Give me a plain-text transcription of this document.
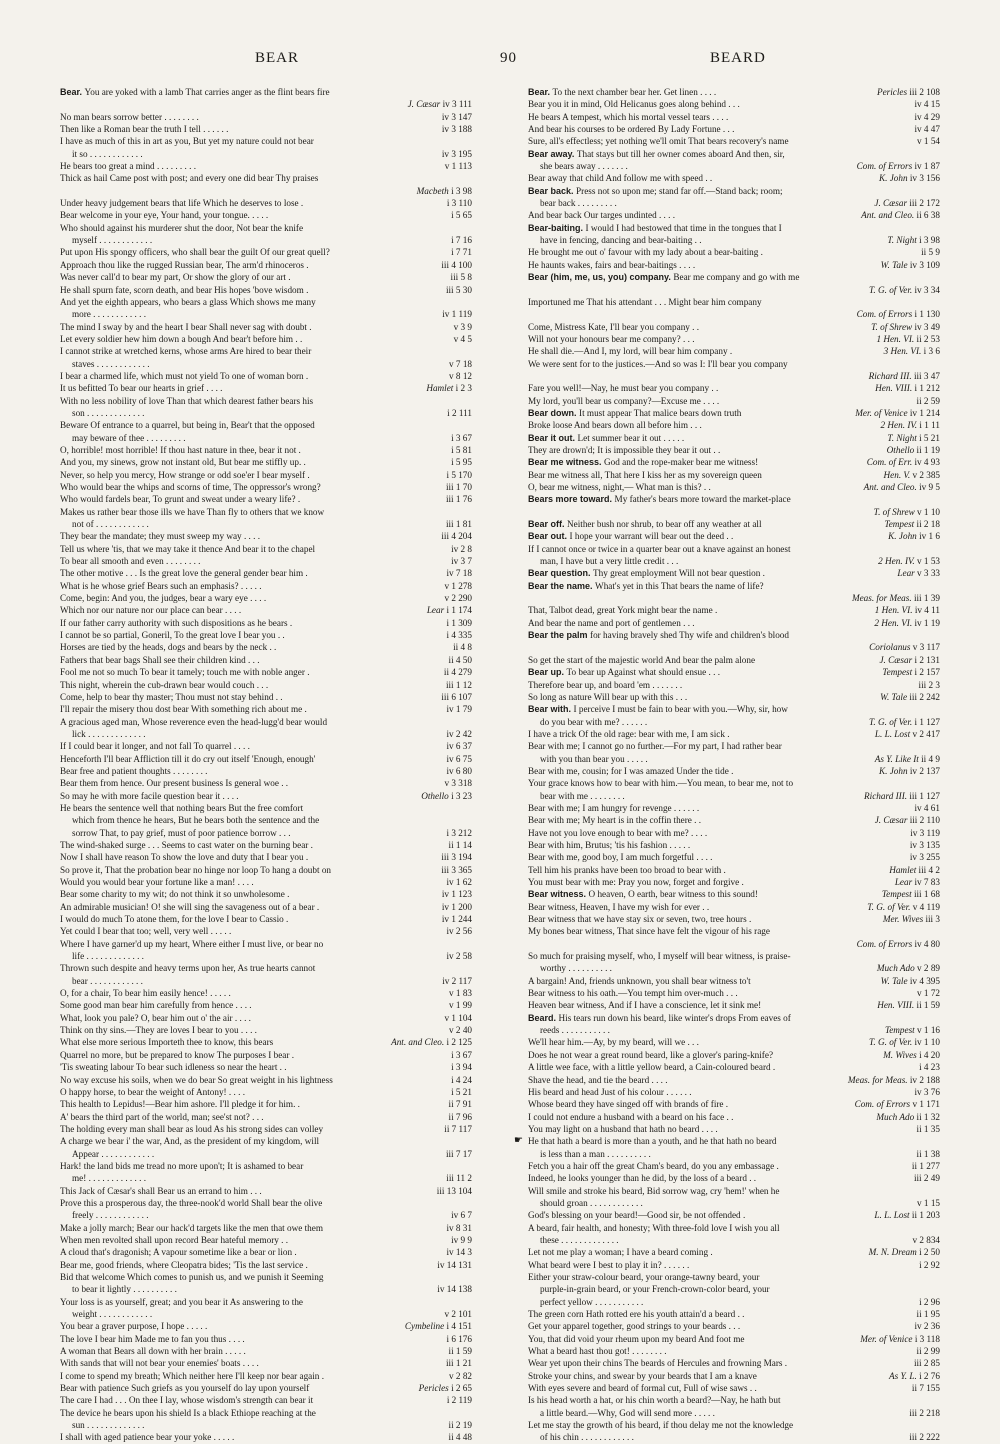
BEAR	90	BEARD
Bear. You are yoked with a lamb That carries anger as the flint bears fire
J. Cæsar iv 3 111
No man bears sorrow better . . . . . . . .	iv 3 147
Then like a Roman bear the truth I tell . . . . . .	iv 3 188
I have as much of this in art as you, But yet my nature could not bear
it so . . . . . . . . . . . .	iv 3 195
He bears too great a mind . . . . . . . . .	v 1 113
Thick as hail Came post with post; and every one did bear Thy praises
Macbeth i 3 98
Under heavy judgement bears that life Which he deserves to lose .	i 3 110
Bear welcome in your eye, Your hand, your tongue. . . . .	i 5 65
Who should against his murderer shut the door, Not bear the knife
myself . . . . . . . . . . . .	i 7 16
Put upon His spongy officers, who shall bear the guilt Of our great quell?	i 7 71
Approach thou like the rugged Russian bear, The arm'd rhinoceros .	iii 4 100
Was never call'd to bear my part, Or show the glory of our art .	iii 5 8
He shall spurn fate, scorn death, and bear His hopes 'bove wisdom .	iii 5 30
And yet the eighth appears, who bears a glass Which shows me many
more . . . . . . . . . . . .	iv 1 119
The mind I sway by and the heart I bear Shall never sag with doubt .	v 3 9
Let every soldier hew him down a bough And bear't before him . .	v 4 5
I cannot strike at wretched kerns, whose arms Are hired to bear their
staves . . . . . . . . . . . .	v 7 18
I bear a charmed life, which must not yield To one of woman born .	v 8 12
It us befitted To bear our hearts in grief . . . .	Hamlet i 2 3
With no less nobility of love Than that which dearest father bears his
son . . . . . . . . . . . . .	i 2 111
Beware Of entrance to a quarrel, but being in, Bear't that the opposed
may beware of thee . . . . . . . . .	i 3 67
O, horrible! most horrible! If thou hast nature in thee, bear it not .	i 5 81
And you, my sinews, grow not instant old, But bear me stiffly up. .	i 5 95
Never, so help you mercy, How strange or odd soe'er I bear myself .	i 5 170
Who would bear the whips and scorns of time, The oppressor's wrong?	iii 1 70
Who would fardels bear, To grunt and sweat under a weary life? .	iii 1 76
Makes us rather bear those ills we have Than fly to others that we know
not of . . . . . . . . . . . .	iii 1 81
They bear the mandate; they must sweep my way . . . .	iii 4 204
Tell us where 'tis, that we may take it thence And bear it to the chapel	iv 2 8
To bear all smooth and even . . . . . . . .	iv 3 7
The other motive . . . Is the great love the general gender bear him .	iv 7 18
What is he whose grief Bears such an emphasis? . . . . .	v 1 278
Come, begin: And you, the judges, bear a wary eye . . . .	v 2 290
Which nor our nature nor our place can bear . . . .	Lear i 1 174
If our father carry authority with such dispositions as he bears .	i 1 309
I cannot be so partial, Goneril, To the great love I bear you . .	i 4 335
Horses are tied by the heads, dogs and bears by the neck . .	ii 4 8
Fathers that bear bags Shall see their children kind . . .	ii 4 50
Fool me not so much To bear it tamely; touch me with noble anger .	ii 4 279
This night, wherein the cub-drawn bear would couch . . .	iii 1 12
Come, help to bear thy master; Thou must not stay behind . .	iii 6 107
I'll repair the misery thou dost bear With something rich about me .	iv 1 79
A gracious aged man, Whose reverence even the head-lugg'd bear would
lick . . . . . . . . . . . . .	iv 2 42
If I could bear it longer, and not fall To quarrel . . . .	iv 6 37
Henceforth I'll bear Affliction till it do cry out itself 'Enough, enough'	iv 6 75
Bear free and patient thoughts . . . . . . . .	iv 6 80
Bear them from hence. Our present business Is general woe . .	v 3 318
So may he with more facile question bear it . . . .	Othello i 3 23
He bears the sentence well that nothing bears But the free comfort
which from thence he hears, But he bears both the sentence and the
sorrow That, to pay grief, must of poor patience borrow . . .	i 3 212
The wind-shaked surge . . . Seems to cast water on the burning bear .	ii 1 14
Now I shall have reason To show the love and duty that I bear you .	iii 3 194
So prove it, That the probation bear no hinge nor loop To hang a doubt on	iii 3 365
Would you would bear your fortune like a man! . . . .	iv 1 62
Bear some charity to my wit; do not think it so unwholesome .	iv 1 123
An admirable musician! O! she will sing the savageness out of a bear .	iv 1 200
I would do much To atone them, for the love I bear to Cassio .	iv 1 244
Yet could I bear that too; well, very well . . . . .	iv 2 56
Where I have garner'd up my heart, Where either I must live, or bear no
life . . . . . . . . . . . . .	iv 2 58
Thrown such despite and heavy terms upon her, As true hearts cannot
bear . . . . . . . . . . . .	iv 2 117
O, for a chair, To bear him easily hence! . . . . .	v 1 83
Some good man bear him carefully from hence . . . .	v 1 99
What, look you pale? O, bear him out o' the air . . . .	v 1 104
Think on thy sins.—They are loves I bear to you . . . .	v 2 40
What else more serious Importeth thee to know, this bears	Ant. and Cleo. i 2 125
Quarrel no more, but be prepared to know The purposes I bear .	i 3 67
'Tis sweating labour To bear such idleness so near the heart . .	i 3 94
No way excuse his soils, when we do bear So great weight in his lightness	i 4 24
O happy horse, to bear the weight of Antony! . . . .	i 5 21
This health to Lepidus!—Bear him ashore. I'll pledge it for him. .	ii 7 91
A' bears the third part of the world, man; see'st not? . . .	ii 7 96
The holding every man shall bear as loud As his strong sides can volley	ii 7 117
A charge we bear i' the war, And, as the president of my kingdom, will
Appear . . . . . . . . . . . .	iii 7 17
Hark! the land bids me tread no more upon't; It is ashamed to bear
me! . . . . . . . . . . . . .	iii 11 2
This Jack of Cæsar's shall Bear us an errand to him . . .	iii 13 104
Prove this a prosperous day, the three-nook'd world Shall bear the olive
freely . . . . . . . . . . . .	iv 6 7
Make a jolly march; Bear our hack'd targets like the men that owe them	iv 8 31
When men revolted shall upon record Bear hateful memory . .	iv 9 9
A cloud that's dragonish; A vapour sometime like a bear or lion .	iv 14 3
Bear me, good friends, where Cleopatra bides; 'Tis the last service .	iv 14 131
Bid that welcome Which comes to punish us, and we punish it Seeming
to bear it lightly . . . . . . . . . .	iv 14 138
Your loss is as yourself, great; and you bear it As answering to the
weight . . . . . . . . . . . .	v 2 101
You bear a graver purpose, I hope . . . . .	Cymbeline i 4 151
The love I bear him Made me to fan you thus . . . .	i 6 176
A woman that Bears all down with her brain . . . . .	ii 1 59
With sands that will not bear your enemies' boats . . . .	iii 1 21
I come to spend my breath; Which neither here I'll keep nor bear again .	v 2 82
Bear with patience Such griefs as you yourself do lay upon yourself	Pericles i 2 65
The care I had . . . On thee I lay, whose wisdom's strength can bear it	i 2 119
The device he bears upon his shield Is a black Ethiope reaching at the
sun . . . . . . . . . . . . .	ii 2 19
I shall with aged patience bear your yoke . . . . .	ii 4 48
Bear. To the next chamber bear her. Get linen . . . .	Pericles iii 2 108
Bear you it in mind, Old Helicanus goes along behind . . .	iv 4 15
He bears A tempest, which his mortal vessel tears . . . .	iv 4 29
And bear his courses to be ordered By Lady Fortune . . .	iv 4 47
Sure, all's effectless; yet nothing we'll omit That bears recovery's name	v 1 54
Bear away. That stays but till her owner comes aboard And then, sir,
she bears away . . . . . . .	Com. of Errors iv 1 87
Bear away that child And follow me with speed . .	K. John iv 3 156
Bear back. Press not so upon me; stand far off.—Stand back; room;
bear back . . . . . . . . .	J. Cæsar iii 2 172
And bear back Our targes undinted . . . .	Ant. and Cleo. ii 6 38
Bear-baiting. I would I had bestowed that time in the tongues that I
have in fencing, dancing and bear-baiting . .	T. Night i 3 98
He brought me out o' favour with my lady about a bear-baiting .	ii 5 9
He haunts wakes, fairs and bear-baitings . . . .	W. Tale iv 3 109
Bear (him, me, us, you) company. Bear me company and go with me
T. G. of Ver. iv 3 34
Importuned me That his attendant . . . Might bear him company
Com. of Errors i 1 130
Come, Mistress Kate, I'll bear you company . .	T. of Shrew iv 3 49
Will not your honours bear me company? . . .	1 Hen. VI. ii 2 53
He shall die.—And I, my lord, will bear him company .	3 Hen. VI. i 3 6
We were sent for to the justices.—And so was I: I'll bear you company
Richard III. iii 3 47
Fare you well!—Nay, he must bear you company . .	Hen. VIII. i 1 212
My lord, you'll bear us company?—Excuse me . . . .	ii 2 59
Bear down. It must appear That malice bears down truth	Mer. of Venice iv 1 214
Broke loose And bears down all before him . . .	2 Hen. IV. i 1 11
Bear it out. Let summer bear it out . . . . .	T. Night i 5 21
They are drown'd; It is impossible they bear it out . .	Othello ii 1 19
Bear me witness. God and the rope-maker bear me witness!	Com. of Err. iv 4 93
Bear me witness all, That here I kiss her as my sovereign queen	Hen. V. v 2 385
O, bear me witness, night,— What man is this? . .	Ant. and Cleo. iv 9 5
Bears more toward. My father's bears more toward the market-place
T. of Shrew v 1 10
Bear off. Neither bush nor shrub, to bear off any weather at all	Tempest ii 2 18
Bear out. I hope your warrant will bear out the deed . .	K. John iv 1 6
If I cannot once or twice in a quarter bear out a knave against an honest
man, I have but a very little credit . . .	2 Hen. IV. v 1 53
Bear question. Thy great employment Will not bear question .	Lear v 3 33
Bear the name. What's yet in this That bears the name of life?
Meas. for Meas. iii 1 39
That, Talbot dead, great York might bear the name .	1 Hen. VI. iv 4 11
And bear the name and port of gentlemen . . .	2 Hen. VI. iv 1 19
Bear the palm for having bravely shed Thy wife and children's blood
Coriolanus v 3 117
So get the start of the majestic world And bear the palm alone	J. Cæsar i 2 131
Bear up. To bear up Against what should ensue . . .	Tempest i 2 157
Therefore bear up, and board 'em . . . . . . .	iii 2 3
So long as nature Will bear up with this . . .	W. Tale iii 2 242
Bear with. I perceive I must be fain to bear with you.—Why, sir, how
do you bear with me? . . . . . .	T. G. of Ver. i 1 127
I have a trick Of the old rage: bear with me, I am sick .	L. L. Lost v 2 417
Bear with me; I cannot go no further.—For my part, I had rather bear
with you than bear you . . . . .	As Y. Like It ii 4 9
Bear with me, cousin; for I was amazed Under the tide .	K. John iv 2 137
Your grace knows how to bear with him.—You mean, to bear me, not to
bear with me . . . . . . . .	Richard III. iii 1 127
Bear with me; I am hungry for revenge . . . . . .	iv 4 61
Bear with me; My heart is in the coffin there . .	J. Cæsar iii 2 110
Have not you love enough to bear with me? . . . .	iv 3 119
Bear with him, Brutus; 'tis his fashion . . . . .	iv 3 135
Bear with me, good boy, I am much forgetful . . . .	iv 3 255
Tell him his pranks have been too broad to bear with .	Hamlet iii 4 2
You must bear with me: Pray you now, forget and forgive .	Lear iv 7 83
Bear witness. O heaven, O earth, bear witness to this sound!	Tempest iii 1 68
Bear witness, Heaven, I have my wish for ever . .	T. G. of Ver. v 4 119
Bear witness that we have stay six or seven, two, tree hours .	Mer. Wives iii 3
My bones bear witness, That since have felt the vigour of his rage
Com. of Errors iv 4 80
So much for praising myself, who, I myself will bear witness, is praise-
worthy . . . . . . . . . .	Much Ado v 2 89
A bargain! And, friends unknown, you shall bear witness to't	W. Tale iv 4 395
Bear witness to his oath.—You tempt him over-much . . .	v 1 72
Heaven bear witness, And if I have a conscience, let it sink me!	Hen. VIII. ii 1 59
Beard. His tears run down his beard, like winter's drops From eaves of
reeds . . . . . . . . . . .	Tempest v 1 16
We'll hear him.—Ay, by my beard, will we . . .	T. G. of Ver. iv 1 10
Does he not wear a great round beard, like a glover's paring-knife?	M. Wives i 4 20
A little wee face, with a little yellow beard, a Cain-coloured beard .	i 4 23
Shave the head, and tie the beard . . . .	Meas. for Meas. iv 2 188
His beard and head Just of his colour . . . . . .	iv 3 76
Whose beard they have singed off with brands of fire .	Com. of Errors v 1 171
I could not endure a husband with a beard on his face . .	Much Ado ii 1 32
You may light on a husband that hath no beard . . . .	ii 1 35
☛ He that hath a beard is more than a youth, and he that hath no beard
is less than a man . . . . . . . . . .	ii 1 38
Fetch you a hair off the great Cham's beard, do you any embassage .	ii 1 277
Indeed, he looks younger than he did, by the loss of a beard . .	iii 2 49
Will smile and stroke his beard, Bid sorrow wag, cry 'hem!' when he
should groan . . . . . . . . . . . .	v 1 15
God's blessing on your beard!—Good sir, be not offended .	L. L. Lost ii 1 203
A beard, fair health, and honesty; With three-fold love I wish you all
these . . . . . . . . . . . . .	v 2 834
Let not me play a woman; I have a beard coming .	M. N. Dream i 2 50
What beard were I best to play it in? . . . . . .	i 2 92
Either your straw-colour beard, your orange-tawny beard, your
purple-in-grain beard, or your French-crown-color beard, your
perfect yellow . . . . . . . . . . .	i 2 96
The green corn Hath rotted ere his youth attain'd a beard . .	ii 1 95
Get your apparel together, good strings to your beards . . .	iv 2 36
You, that did void your rheum upon my beard And foot me	Mer. of Venice i 3 118
What a beard hast thou got! . . . . . . . .	ii 2 99
Wear yet upon their chins The beards of Hercules and frowning Mars .	iii 2 85
Stroke your chins, and swear by your beards that I am a knave	As Y. L. i 2 76
With eyes severe and beard of formal cut, Full of wise saws . .	ii 7 155
Is his head worth a hat, or his chin worth a beard?—Nay, he hath but
a little beard.—Why, God will send more . . . . .	iii 2 218
Let me stay the growth of his beard, if thou delay me not the knowledge
of his chin . . . . . . . . . . . .	iii 2 222
